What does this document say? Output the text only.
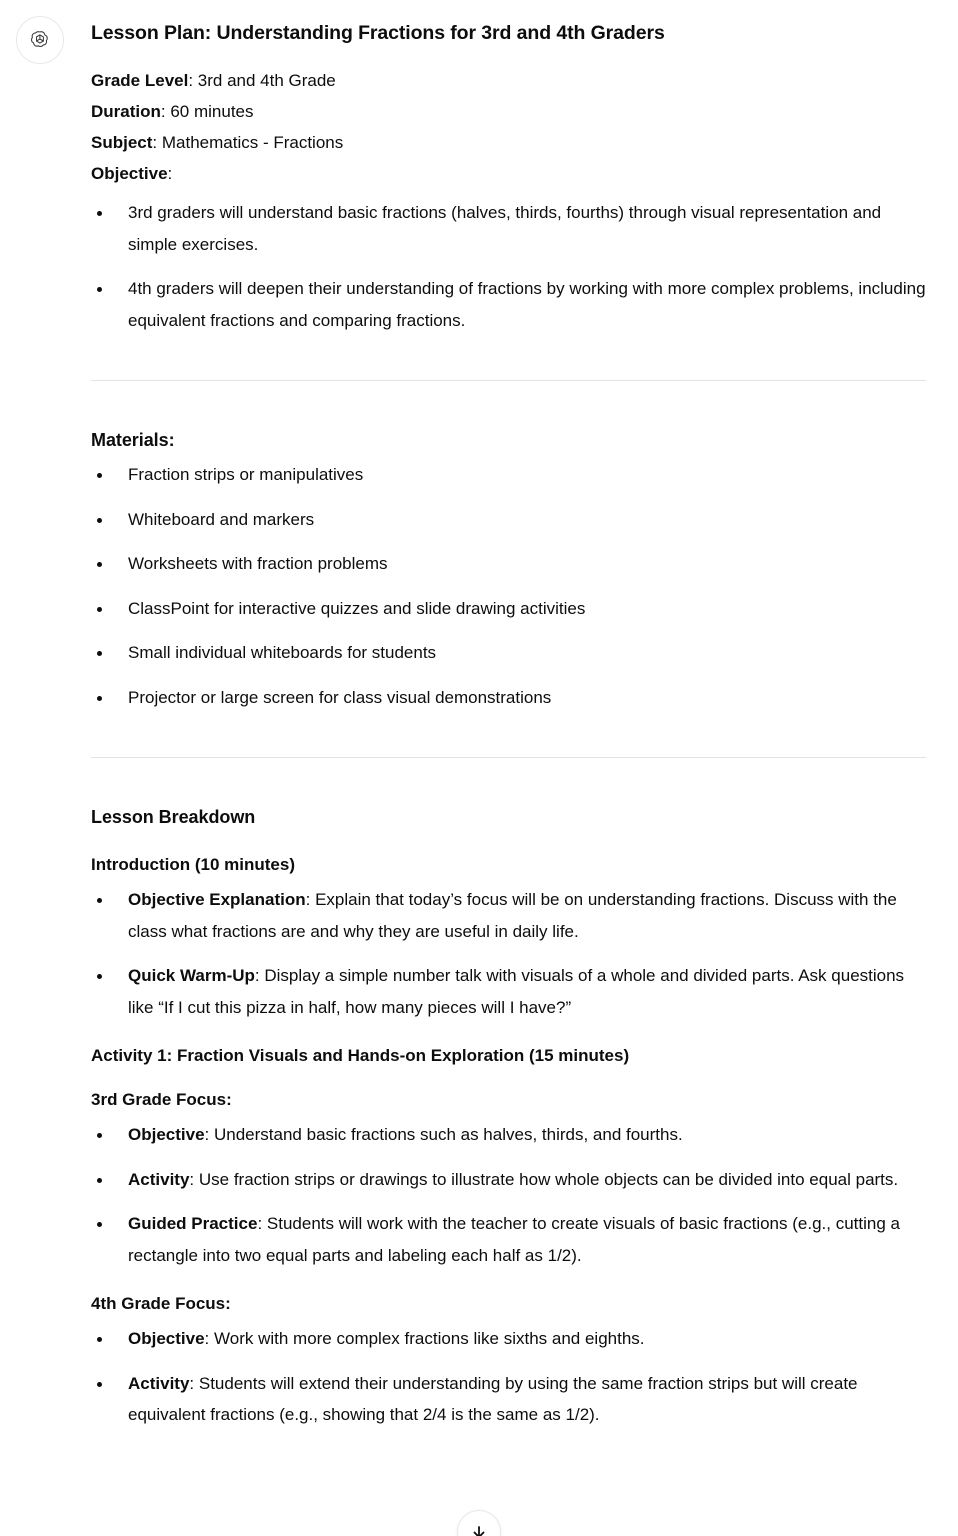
Lesson Plan: Understanding Fractions for 3rd and 4th Graders
Grade Level: 3rd and 4th Grade
Duration: 60 minutes
Subject: Mathematics - Fractions
Objective:
3rd graders will understand basic fractions (halves, thirds, fourths) through visual representation and simple exercises.
4th graders will deepen their understanding of fractions by working with more complex problems, including equivalent fractions and comparing fractions.
Materials:
Fraction strips or manipulatives
Whiteboard and markers
Worksheets with fraction problems
ClassPoint for interactive quizzes and slide drawing activities
Small individual whiteboards for students
Projector or large screen for class visual demonstrations
Lesson Breakdown
Introduction (10 minutes)
Objective Explanation: Explain that today’s focus will be on understanding fractions. Discuss with the class what fractions are and why they are useful in daily life.
Quick Warm-Up: Display a simple number talk with visuals of a whole and divided parts. Ask questions like “If I cut this pizza in half, how many pieces will I have?”
Activity 1: Fraction Visuals and Hands-on Exploration (15 minutes)
3rd Grade Focus:
Objective: Understand basic fractions such as halves, thirds, and fourths.
Activity: Use fraction strips or drawings to illustrate how whole objects can be divided into equal parts.
Guided Practice: Students will work with the teacher to create visuals of basic fractions (e.g., cutting a rectangle into two equal parts and labeling each half as 1/2).
4th Grade Focus:
Objective: Work with more complex fractions like sixths and eighths.
Activity: Students will extend their understanding by using the same fraction strips but will create equivalent fractions (e.g., showing that 2/4 is the same as 1/2).
